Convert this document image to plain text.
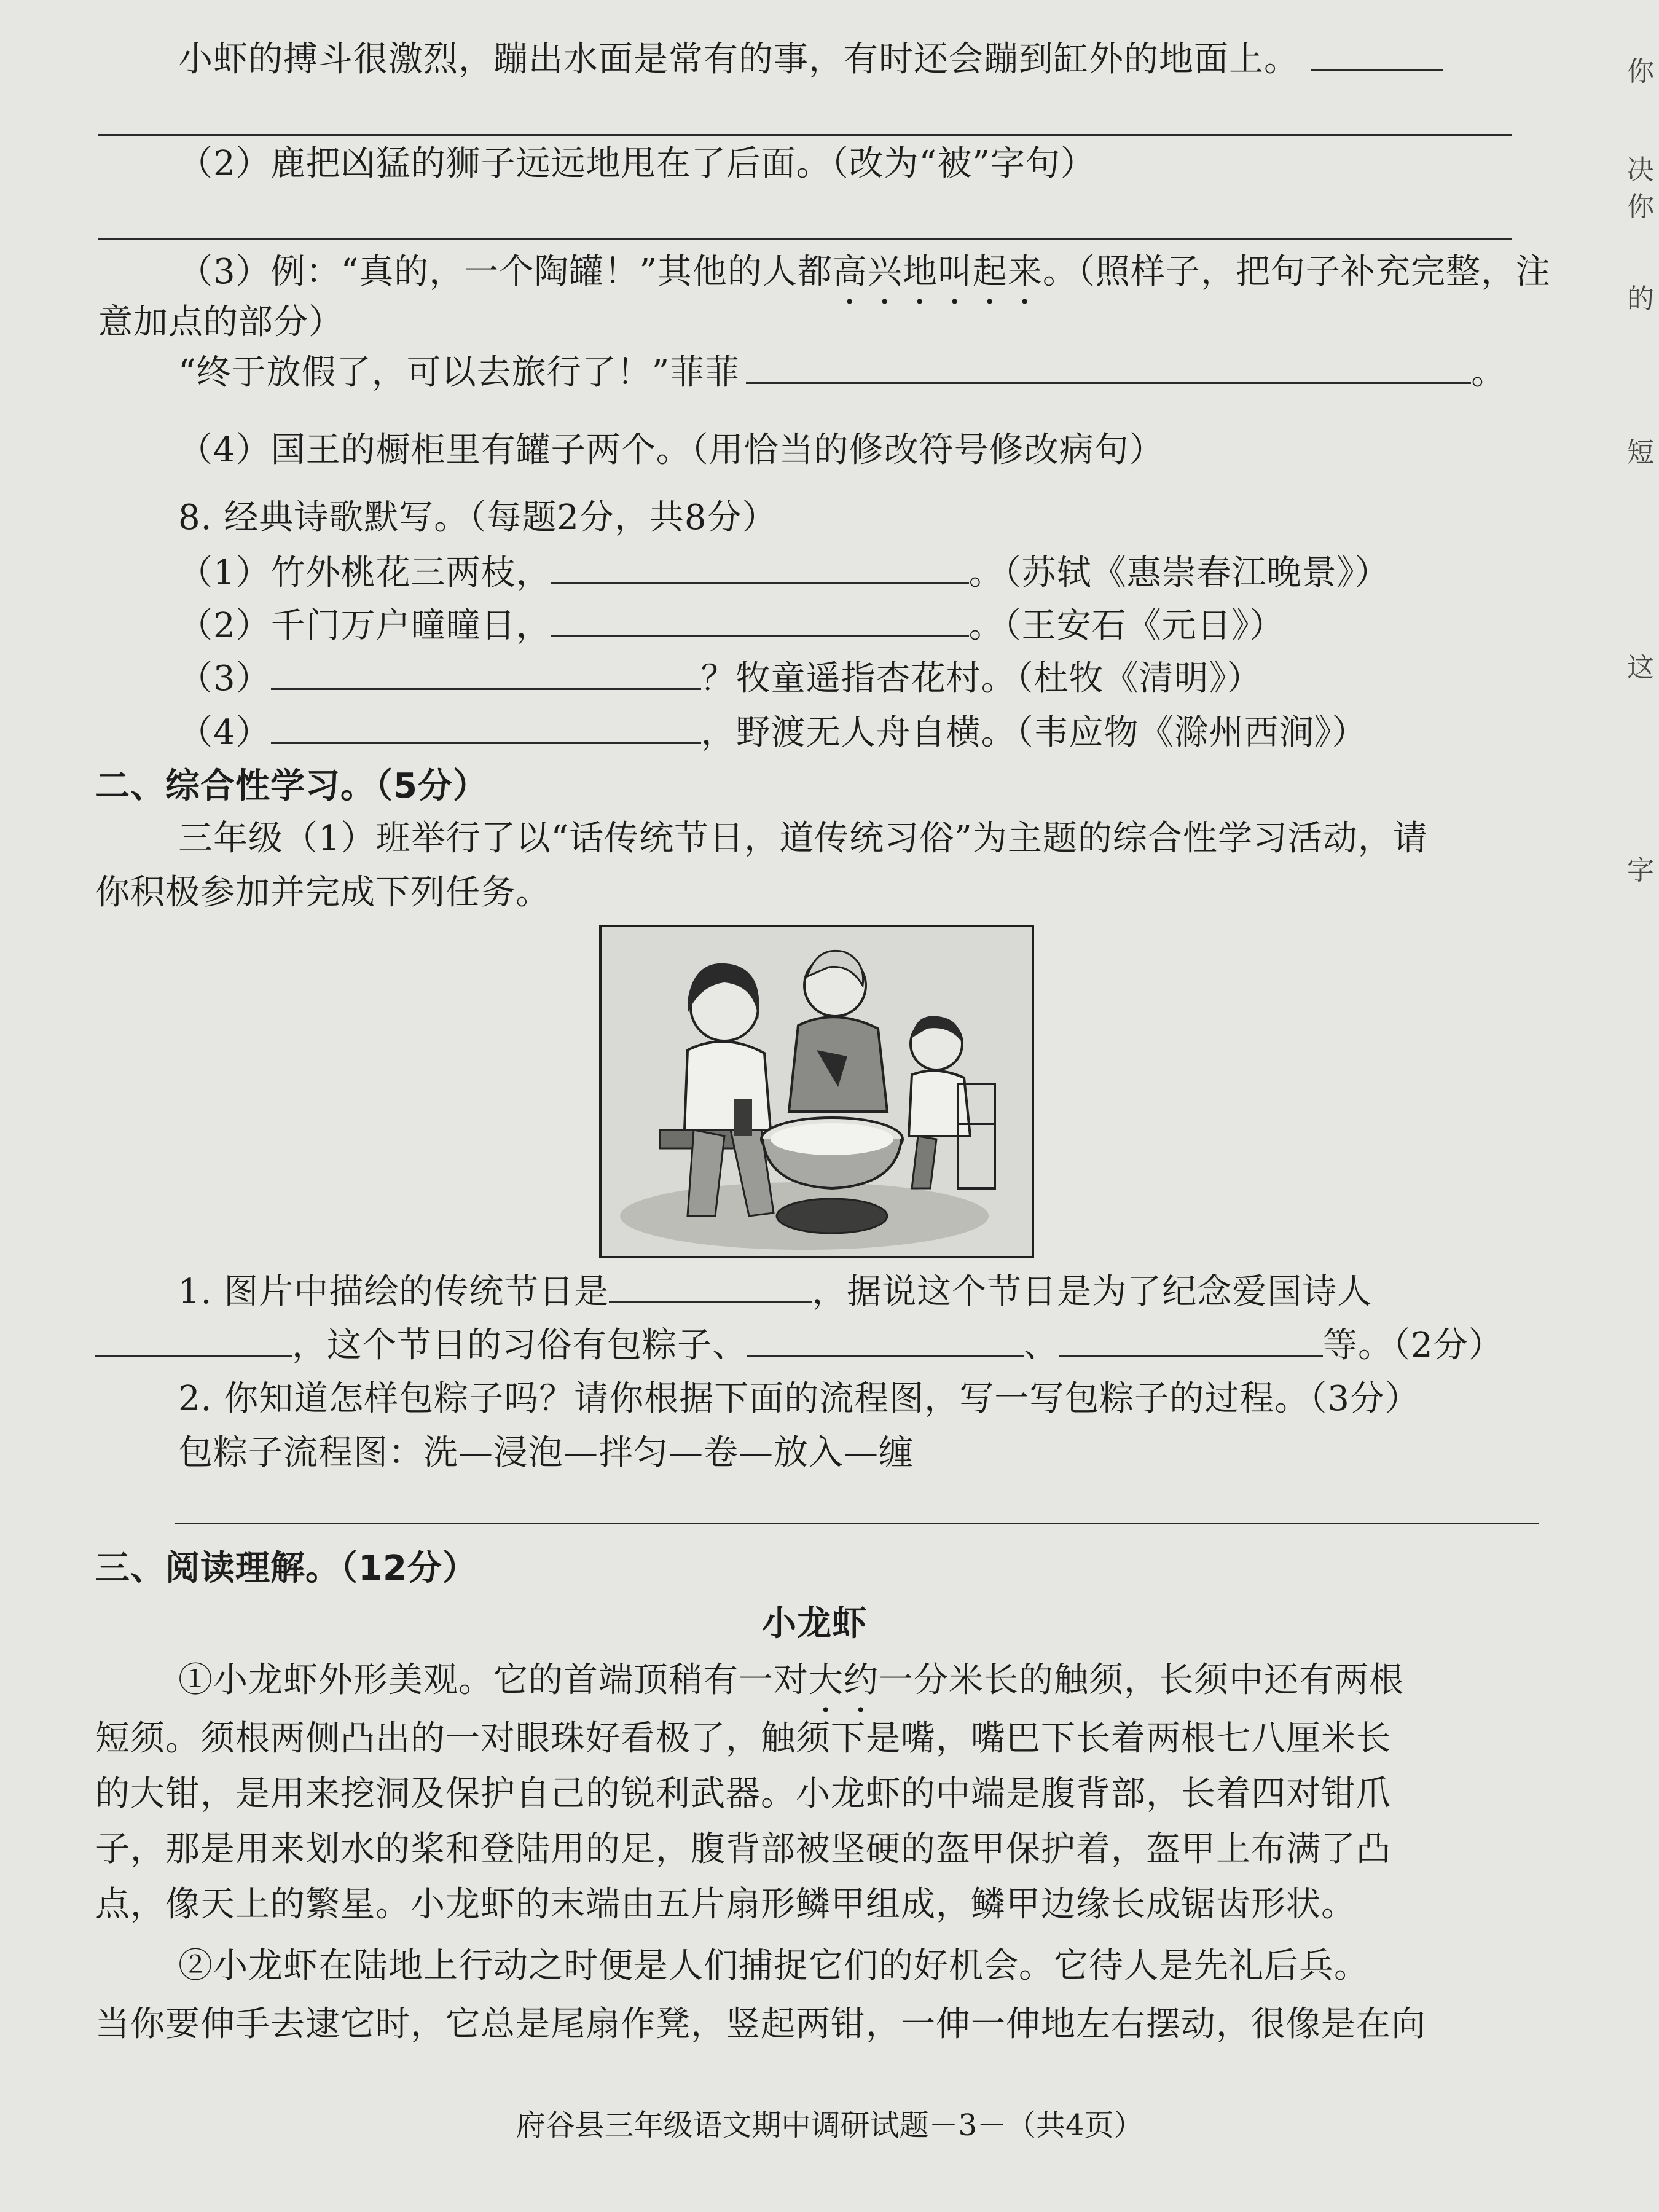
小虾的搏斗很激烈，蹦出水面是常有的事，有时还会蹦到缸外的地面上。
（2）鹿把凶猛的狮子远远地甩在了后面。（改为“被”字句）
（3）例：“真的，一个陶罐！”其他的人都高兴地叫起来。（照样子，把句子补充完整，注
意加点的部分）
“终于放假了，可以去旅行了！”菲菲	。
（4）国王的橱柜里有罐子两个。（用恰当的修改符号修改病句）
8. 经典诗歌默写。（每题2分，共8分）
（1）竹外桃花三两枝，	。（苏轼《惠崇春江晚景》）
（2）千门万户曈曈日，	。（王安石《元日》）
（3）	？牧童遥指杏花村。（杜牧《清明》）
（4）	，野渡无人舟自横。（韦应物《滁州西涧》）
二、综合性学习。（5分）
三年级（1）班举行了以“话传统节日，道传统习俗”为主题的综合性学习活动，请
你积极参加并完成下列任务。
1. 图片中描绘的传统节日是	，据说这个节日是为了纪念爱国诗人
，这个节日的习俗有包粽子、	、	等。（2分）
2. 你知道怎样包粽子吗？请你根据下面的流程图，写一写包粽子的过程。（3分）
包粽子流程图：洗—浸泡—拌匀—卷—放入—缠
三、阅读理解。（12分）
小龙虾
①小龙虾外形美观。它的首端顶稍有一对大约一分米长的触须，长须中还有两根
短须。须根两侧凸出的一对眼珠好看极了，触须下是嘴，嘴巴下长着两根七八厘米长
的大钳，是用来挖洞及保护自己的锐利武器。小龙虾的中端是腹背部，长着四对钳爪
子，那是用来划水的桨和登陆用的足，腹背部被坚硬的盔甲保护着，盔甲上布满了凸
点，像天上的繁星。小龙虾的末端由五片扇形鳞甲组成，鳞甲边缘长成锯齿形状。
②小龙虾在陆地上行动之时便是人们捕捉它们的好机会。它待人是先礼后兵。
当你要伸手去逮它时，它总是尾扇作凳，竖起两钳，一伸一伸地左右摆动，很像是在向
府谷县三年级语文期中调研试题－3－（共4页）
你
决
你
的
短
这
字
